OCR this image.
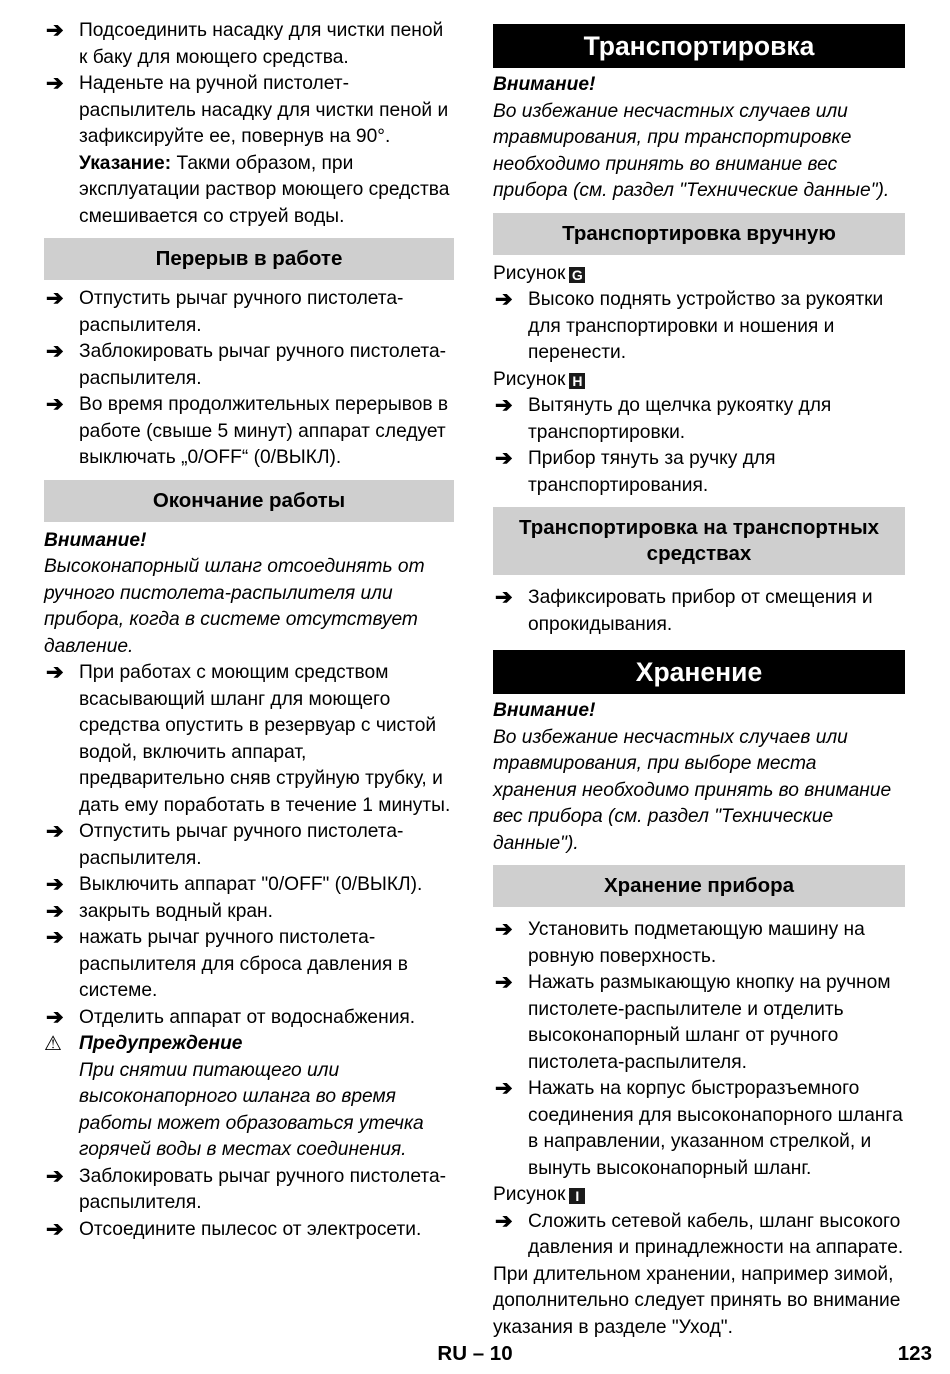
➔ Подсоединить насадку для чистки пеной к баку для моющего средства.
➔ Наденьте на ручной пистолет-распылитель насадку для чистки пеной и зафиксируйте ее, повернув на 90°.
Указание: Такми образом, при эксплуатации раствор моющего средства смешивается со струей воды.
Перерыв в работе
➔ Отпустить рычаг ручного пистолета-распылителя.
➔ Заблокировать рычаг ручного пистолета-распылителя.
➔ Во время продолжительных перерывов в работе (свыше 5 минут) аппарат следует выключать „0/OFF“ (0/ВЫКЛ).
Окончание работы
Внимание!

Высоконапорный шланг отсоединять от ручного пистолета-распылителя или прибора, когда в системе отсутствует давление.

➔ При работах с моющим средством всасывающий шланг для моющего средства опустить в резервуар с чистой водой, включить аппарат, предварительно сняв струйную трубку, и дать ему поработать в течение 1 минуты.
➔ Отпустить рычаг ручного пистолета-распылителя.
➔ Выключить аппарат "0/OFF" (0/ВЫКЛ).
➔ закрыть водный кран.
➔ нажать рычаг ручного пистолета-распылителя для сброса давления в системе.
➔ Отделить аппарат от водоснабжения.
⚠ Предупреждение

При снятии питающего или высоконапорного шланга во время работы может образоваться утечка горячей воды в местах соединения.

➔ Заблокировать рычаг ручного пистолета-распылителя.
➔ Отсоедините пылесос от электросети.
Транспортировка
Внимание!

Во избежание несчастных случаев или травмирования, при транспортировке необходимо принять во внимание вес прибора (см. раздел "Технические данные").

Транспортировка вручную

Рисунок G

➔ Высоко поднять устройство за рукоятки для транспортировки и ношения и перенести.

Рисунок H

➔ Вытянуть до щелчка рукоятку для транспортировки.
➔ Прибор тянуть за ручку для транспортирования.
Транспортировка на транспортных средствах
➔ Зафиксировать прибор от смещения и опрокидывания.
Хранение
Внимание!

Во избежание несчастных случаев или травмирования, при выборе места хранения необходимо принять во внимание вес прибора (см. раздел "Технические данные").

Хранение прибора
➔ Установить подметающую машину на ровную поверхность.
➔ Нажать размыкающую кнопку на ручном пистолете-распылителе и отделить высоконапорный шланг от ручного пистолета-распылителя.
➔ Нажать на корпус быстроразъемного соединения для высоконапорного шланга в направлении, указанном стрелкой, и вынуть высоконапорный шланг.

Рисунок I

➔ Сложить сетевой кабель, шланг высокого давления и принадлежности на аппарате.

При длительном хранении, например зимой, дополнительно следует принять во внимание указания в разделе "Уход".

RU – 10	123
